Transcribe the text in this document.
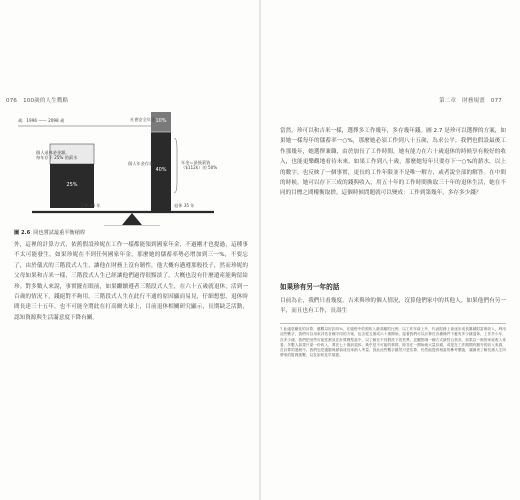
076 100歲的人生戰略
歲．1996 —— 2098 歲
個人退休金金額，
每年存下 25% 的薪水
25%
工作 44 年
社會安全年金 10%
個人年金存款
40%
年金＝最後薪資
（$112k）的 50%
退休 35 年
圖 2.6 同也嘗試最重平衡槓桿
外，這裡的計算方式，依舊假設珍妮在工作一樣都能領到國家年金，不過剛才也提過，這種事不太可能發生。如果珍妮在不到任何國家年金，那麼她的儲蓄率勢必增加到三一%，不要忘了，由於儀式的三階段式人生，讓他在財務上沒有韌性，他大概有邁遵那般投子，然而珍妮的父母如果和吉米一樣，三階段式人生已經讓他們過得很黯淡了，大概也沒有什麼遺產能夠留給珍。對多數人來說，事實擺在眼前，如果繼續遵者三階段式人生，在六十五歲就退休，活到一百歲的情況下，錢絕對不夠用。三階段式人生在此行不通的原因顯而易見，仔細想想，退休時間長達三十五年，也不可能全將此在打高爾夫球上，目前退休相關研究顯示，長期缺乏活動，認知資源與生活滿意度下降有關。
第二章 財務規畫 077
當然，珍可以和吉米一樣，選擇多工作幾年，多存幾年錢。圖 2.7 是珍可以選擇的方案，如果她一樣每年的儲蓄率一○%，那麼她必須工作到八十五歲，為求公平，我們也假設最後工作那幾年，她選擇兼職，由於加長了工作時間，她有能力在六十歲退休的時候享有較好的收入，也能更樂觀地看待未來。如果工作到八十歲，那麼她每年只要存下一○%的薪水，以上的數字，也反映了一個事實，更長的工作年限並不是唯一解方，或者說全部的解答。在中間的時候，她可以存下三成的錢與收入，用五十年的工作時間換取三十年的退休生活，她在不同的目標之間權衡取捨，這個時候問題就可以變成：工作到第幾年，多存多少錢？
如果珍有另一年的話
目前為止，我們只看幾度，吉米與珍的個人情況，沒算他們家中的其他人，如果他們有另一半，而且也有工作，長壽生
7 此處是職化的計算，蘊數以折扣四%，在過程中依照收入最高額的比例，以工作年資上升，代表財務上會逐步成長累積財富與收入，利用這些數字，我們可以用來評估各種不同的方案，包含從五歲或六十歲開始，接著我們可以計算在各種條件下應有多少錢退休，工作多少年，存多少錢，我們把這些可能性都放在計算模型當中，以了解在不同假設下的差異，並觀察哪一種方式最符合需求，如果以一般的家庭收入來看，多數人如果只靠一份收入，要在七十歲前退休，幾乎是不可能的事情，除非在一開始就大量存錢，或是在工作期間有額外的收入來源，在計算的過程中，我們也把通膨與薪資成長率納入考量，因此這些數字雖然只是估算，仍然能提供相當的參考價值，讓讀者了解長壽人生所帶來的財務挑戰，以及如何及早規畫。
